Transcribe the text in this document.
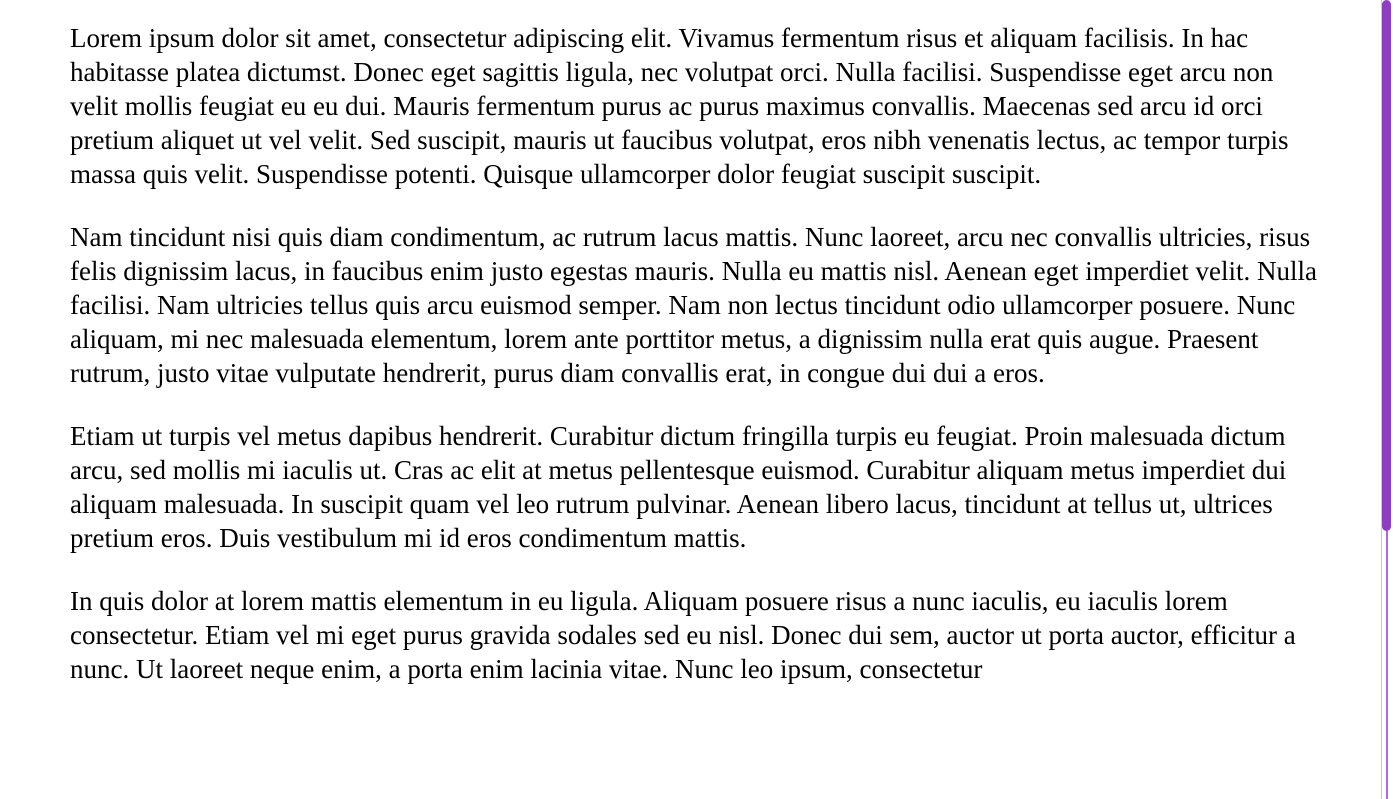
Lorem ipsum dolor sit amet, consectetur adipiscing elit. Vivamus fermentum risus et aliquam facilisis. In hac habitasse platea dictumst. Donec eget sagittis ligula, nec volutpat orci. Nulla facilisi. Suspendisse eget arcu non velit mollis feugiat eu eu dui. Mauris fermentum purus ac purus maximus convallis. Maecenas sed arcu id orci pretium aliquet ut vel velit. Sed suscipit, mauris ut faucibus volutpat, eros nibh venenatis lectus, ac tempor turpis massa quis velit. Suspendisse potenti. Quisque ullamcorper dolor feugiat suscipit suscipit.

Nam tincidunt nisi quis diam condimentum, ac rutrum lacus mattis. Nunc laoreet, arcu nec convallis ultricies, risus felis dignissim lacus, in faucibus enim justo egestas mauris. Nulla eu mattis nisl. Aenean eget imperdiet velit. Nulla facilisi. Nam ultricies tellus quis arcu euismod semper. Nam non lectus tincidunt odio ullamcorper posuere. Nunc aliquam, mi nec malesuada elementum, lorem ante porttitor metus, a dignissim nulla erat quis augue. Praesent rutrum, justo vitae vulputate hendrerit, purus diam convallis erat, in congue dui dui a eros.

Etiam ut turpis vel metus dapibus hendrerit. Curabitur dictum fringilla turpis eu feugiat. Proin malesuada dictum arcu, sed mollis mi iaculis ut. Cras ac elit at metus pellentesque euismod. Curabitur aliquam metus imperdiet dui aliquam malesuada. In suscipit quam vel leo rutrum pulvinar. Aenean libero lacus, tincidunt at tellus ut, ultrices pretium eros. Duis vestibulum mi id eros condimentum mattis.

In quis dolor at lorem mattis elementum in eu ligula. Aliquam posuere risus a nunc iaculis, eu iaculis lorem consectetur. Etiam vel mi eget purus gravida sodales sed eu nisl. Donec dui sem, auctor ut porta auctor, efficitur a nunc. Ut laoreet neque enim, a porta enim lacinia vitae. Nunc leo ipsum, consectetur
